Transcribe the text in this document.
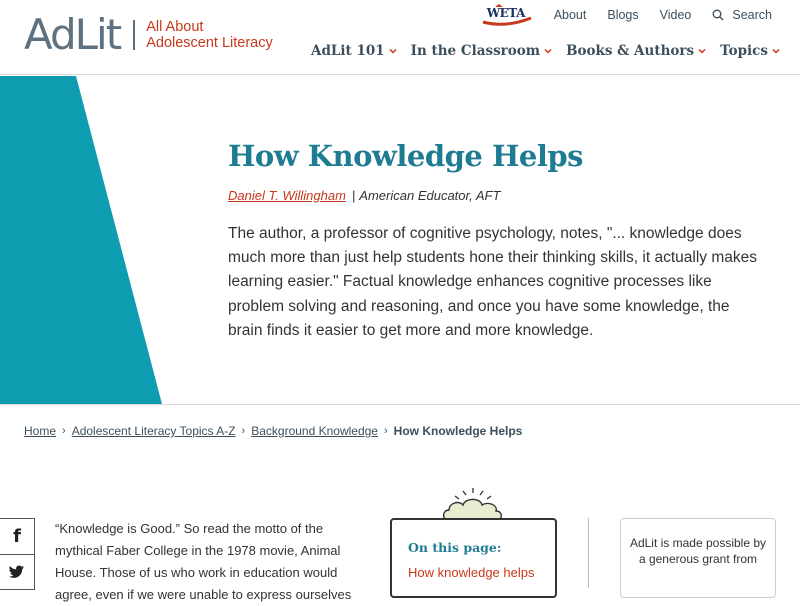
AdLit All About
Adolescent Literacy
WETA About Blogs Video	Search
AdLit 101 In the Classroom Books & Authors Topics
How Knowledge Helps
Daniel T. Willingham | American Educator, AFT

The author, a professor of cognitive psychology, notes, "... knowledge does much more than just help students hone their thinking skills, it actually makes learning easier." Factual knowledge enhances cognitive processes like problem solving and reasoning, and once you have some knowledge, the brain finds it easier to get more and more knowledge.

Home › Adolescent Literacy Topics A-Z › Background Knowledge › How Knowledge Helps
f	“Knowledge is Good.” So read the motto of the mythical Faber College in the 1978 movie, Animal House. Those of us who work in education would agree, even if we were unable to express ourselves

On this page:
How knowledge helps
AdLit is made possible by a generous grant from
